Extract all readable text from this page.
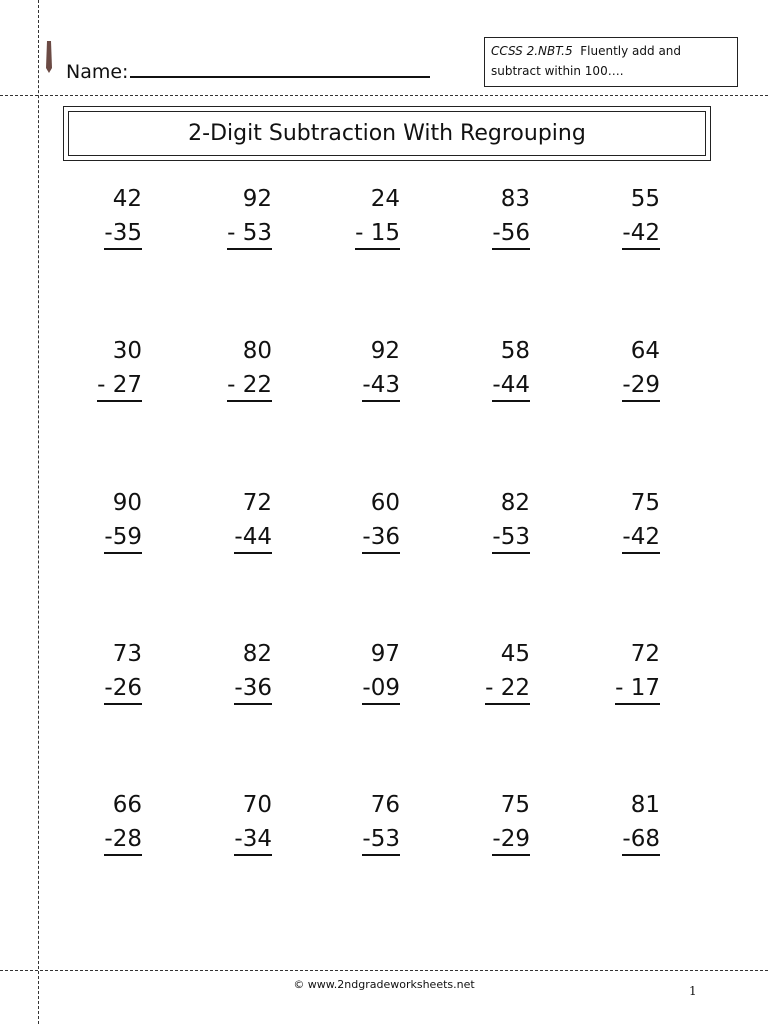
Name:
CCSS 2.NBT.5 Fluently add and
subtract within 100….
2-Digit Subtraction With Regrouping
42
-35
92
- 53
24
- 15
83
-56
55
-42
30
- 27
80
- 22
92
-43
58
-44
64
-29
90
-59
72
-44
60
-36
82
-53
75
-42
73
-26
82
-36
97
-09
45
- 22
72
- 17
66
-28
70
-34
76
-53
75
-29
81
-68
© www.2ndgradeworksheets.net	1
